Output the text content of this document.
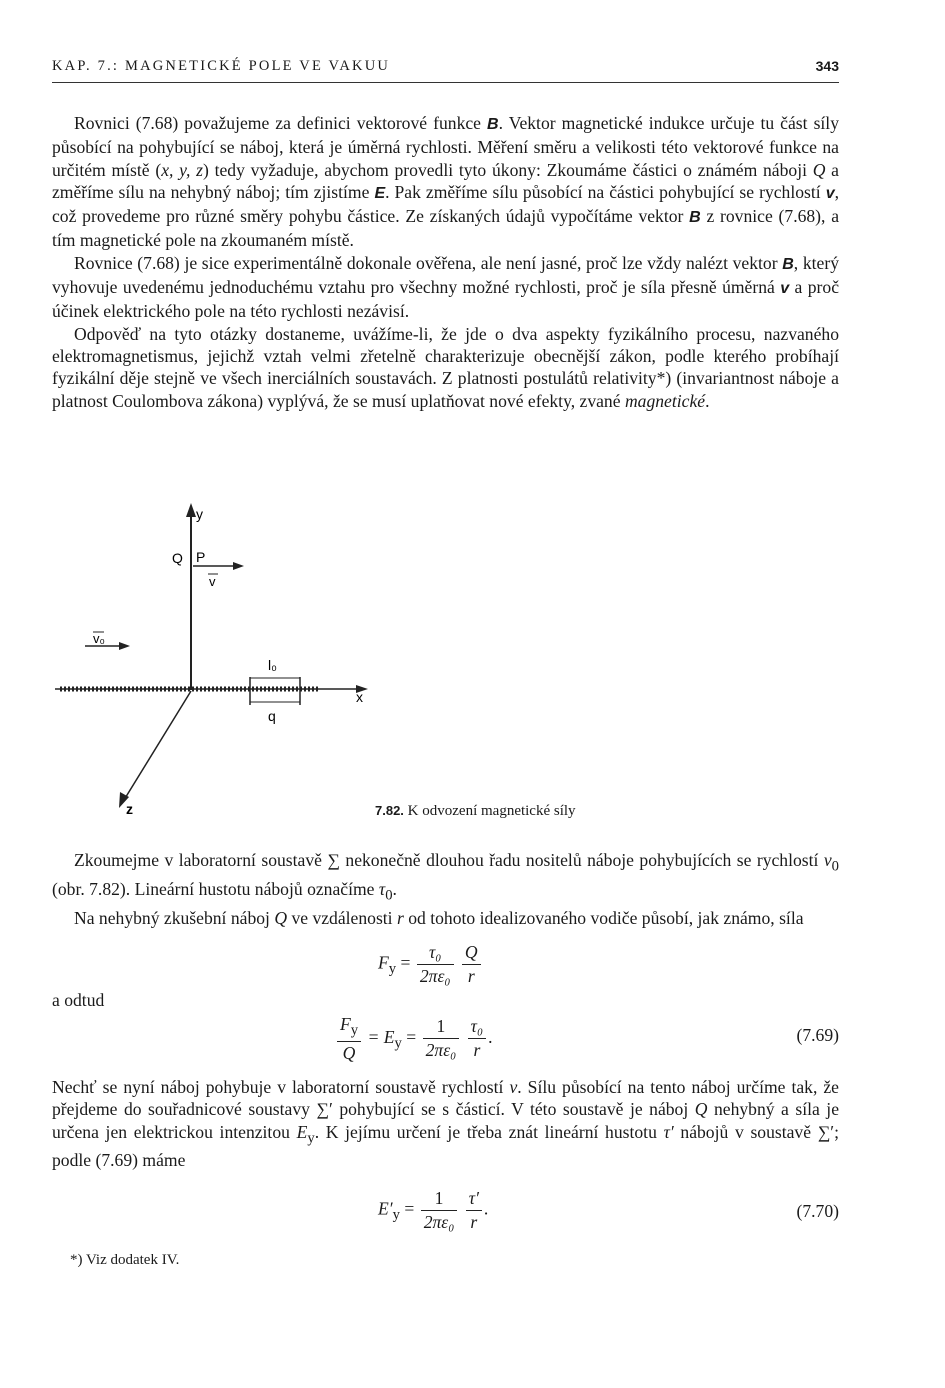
KAP. 7.: MAGNETICKÉ POLE VE VAKUU	343

Rovnici (7.68) považujeme za definici vektorové funkce B. Vektor magnetické indukce určuje tu část síly působící na pohybující se náboj, která je úměrná rychlosti. Měření směru a velikosti této vektorové funkce na určitém místě (x, y, z) tedy vyžaduje, abychom provedli tyto úkony: Zkoumáme částici o známém náboji Q a změříme sílu na nehybný náboj; tím zjistíme E. Pak změříme sílu působící na částici pohybující se rychlostí v, což provedeme pro různé směry pohybu částice. Ze získaných údajů vypočítáme vektor B z rovnice (7.68), a tím magnetické pole na zkoumaném místě.

Rovnice (7.68) je sice experimentálně dokonale ověřena, ale není jasné, proč lze vždy nalézt vektor B, který vyhovuje uvedenému jednoduchému vztahu pro všechny možné rychlosti, proč je síla přesně úměrná v a proč účinek elektrického pole na této rychlosti nezávisí.

Odpověď na tyto otázky dostaneme, uvážíme-li, že jde o dva aspekty fyzikálního procesu, nazvaného elektromagnetismus, jejichž vztah velmi zřetelně charakterizuje obecnější zákon, podle kterého probíhají fyzikální děje stejně ve všech inerciálních soustavách. Z platnosti postulátů relativity*) (invariantnost náboje a platnost Coulombova zákona) vyplývá, že se musí uplatňovat nové efekty, zvané magnetické.

y
Q P
v
v₀
x
l₀
q
z	7.82. K odvození magnetické síly

Zkoumejme v laboratorní soustavě ∑ nekonečně dlouhou řadu nositelů náboje pohybujících se rychlostí $v_0$ (obr. 7.82). Lineární hustotu nábojů označíme $\tau_0$.

Na nehybný zkušební náboj Q ve vzdálenosti r od tohoto idealizovaného vodiče působí, jak známo, síla

$F_y = \frac{\text{τ₀}}{\text{2πε₀}}$
$\frac{Q}{r}$
a odtud
$\frac{F_y}{Q} = E_y = \frac{1}{\text{2πε₀}}$
$\frac{\text{τ₀}}{r}$ .	(7.69)

Nechť se nyní náboj pohybuje v laboratorní soustavě rychlostí v. Sílu působící na tento náboj určíme tak, že přejdeme do souřadnicové soustavy ∑′ pohybující se s částicí. V této soustavě je náboj Q nehybný a síla je určena jen elektrickou intenzitou $E_y$. K jejímu určení je třeba znát lineární hustotu τ′ nábojů v soustavě ∑′; podle (7.69) máme

$E'_y = \frac{1}{\text{2πε₀}}$
$\frac{\tau'}{r}$ .	(7.70)
*) Viz dodatek IV.
